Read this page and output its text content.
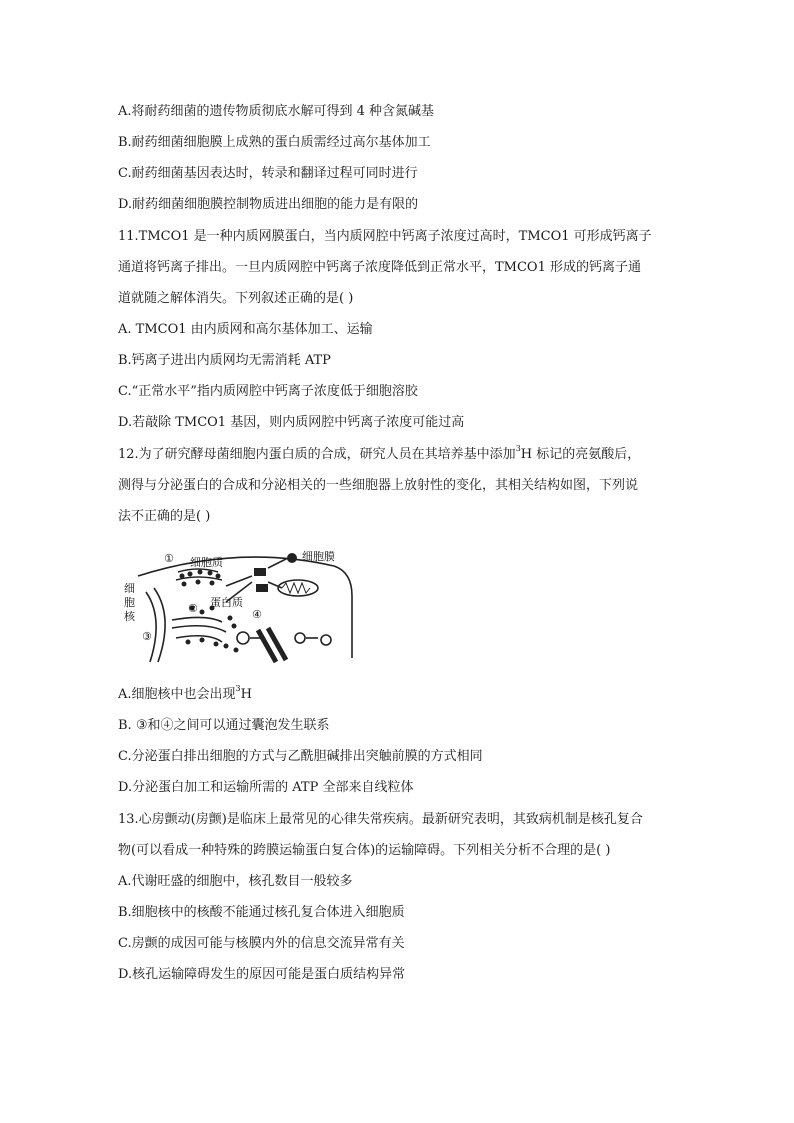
A.将耐药细菌的遗传物质彻底水解可得到 4 种含氮碱基
B.耐药细菌细胞膜上成熟的蛋白质需经过高尔基体加工
C.耐药细菌基因表达时，转录和翻译过程可同时进行
D.耐药细菌细胞膜控制物质进出细胞的能力是有限的
11.TMCO1 是一种内质网膜蛋白，当内质网腔中钙离子浓度过高时，TMCO1 可形成钙离子
通道将钙离子排出。一旦内质网腔中钙离子浓度降低到正常水平，TMCO1 形成的钙离子通
道就随之解体消失。下列叙述正确的是( )
A. TMCO1 由内质网和高尔基体加工、运输
B.钙离子进出内质网均无需消耗 ATP
C.“正常水平”指内质网腔中钙离子浓度低于细胞溶胶
D.若敲除 TMCO1 基因，则内质网腔中钙离子浓度可能过高
12.为了研究酵母菌细胞内蛋白质的合成，研究人员在其培养基中添加$^3$H 标记的亮氨酸后，
测得与分泌蛋白的合成和分泌相关的一些细胞器上放射性的变化，其相关结构如图，下列说
法不正确的是( )
① 细胞质	细胞膜
细
胞
核
蛋白质
②
③
④
A.细胞核中也会出现$^3$H
B. ③和④之间可以通过囊泡发生联系
C.分泌蛋白排出细胞的方式与乙酰胆碱排出突触前膜的方式相同
D.分泌蛋白加工和运输所需的 ATP 全部来自线粒体
13.心房颤动(房颤)是临床上最常见的心律失常疾病。最新研究表明，其致病机制是核孔复合
物(可以看成一种特殊的跨膜运输蛋白复合体)的运输障碍。下列相关分析不合理的是( )
A.代谢旺盛的细胞中，核孔数目一般较多
B.细胞核中的核酸不能通过核孔复合体进入细胞质
C.房颤的成因可能与核膜内外的信息交流异常有关
D.核孔运输障碍发生的原因可能是蛋白质结构异常
